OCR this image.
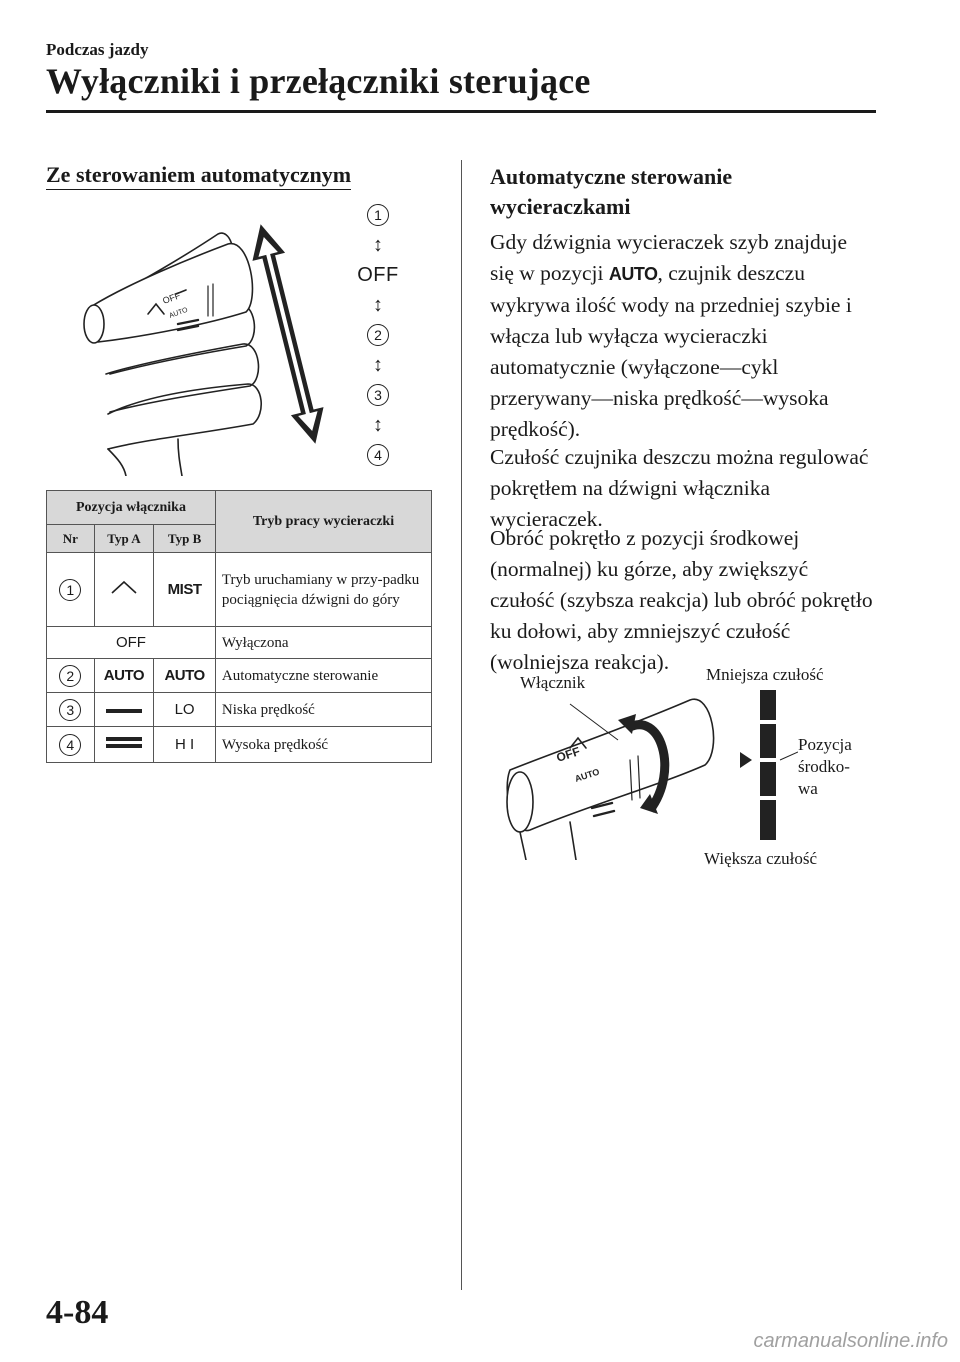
Podczas jazdy
Wyłączniki i przełączniki sterujące
Ze sterowaniem automatycznym
OFF
AUTO
1
↕
OFF
↕
2
↕
3
↕
4
Pozycja włącznika			Tryb pracy wycieraczki
Nr	Typ A	Typ B	
1		MIST	Tryb uruchamiany w przy-padku pociągnięcia dźwigni do góry
OFF			Wyłączona
2	AUTO	AUTO	Automatyczne sterowanie
3		LO	Niska prędkość
4		H I	Wysoka prędkość
Automatyczne sterowanie wycieraczkami
Gdy dźwignia wycieraczek szyb znajduje się w pozycji AUTO, czujnik deszczu wykrywa ilość wody na przedniej szybie i włącza lub wyłącza wycieraczki automatycznie (wyłączone—cykl przerywany—niska prędkość—wysoka prędkość).
Czułość czujnika deszczu można regulować pokrętłem na dźwigni włącznika wycieraczek.
Obróć pokrętło z pozycji środkowej (normalnej) ku górze, aby zwiększyć czułość (szybsza reakcja) lub obróć pokrętło ku dołowi, aby zmniejszyć czułość (wolniejsza reakcja).
OFF
AUTO
Włącznik	Mniejsza czułość
Pozycja środko-wa
Większa czułość
4-84
carmanualsonline.info
